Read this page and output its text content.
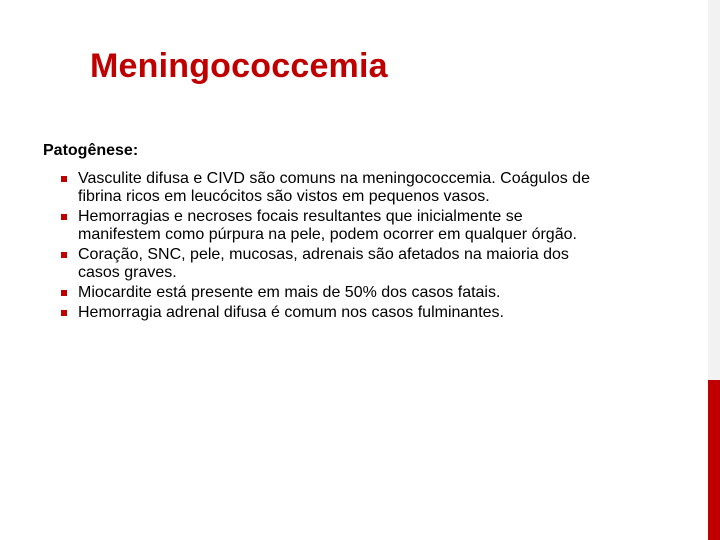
Meningococcemia
Patogênese:
Vasculite difusa e CIVD são comuns na meningococcemia. Coágulos de fibrina ricos em leucócitos são vistos em pequenos vasos.
Hemorragias e necroses focais resultantes que inicialmente se manifestem como púrpura na pele, podem ocorrer em qualquer órgão.
Coração, SNC, pele, mucosas, adrenais são afetados na maioria dos casos graves.
Miocardite está presente em mais de 50% dos casos fatais.
Hemorragia adrenal difusa é comum nos casos fulminantes.
